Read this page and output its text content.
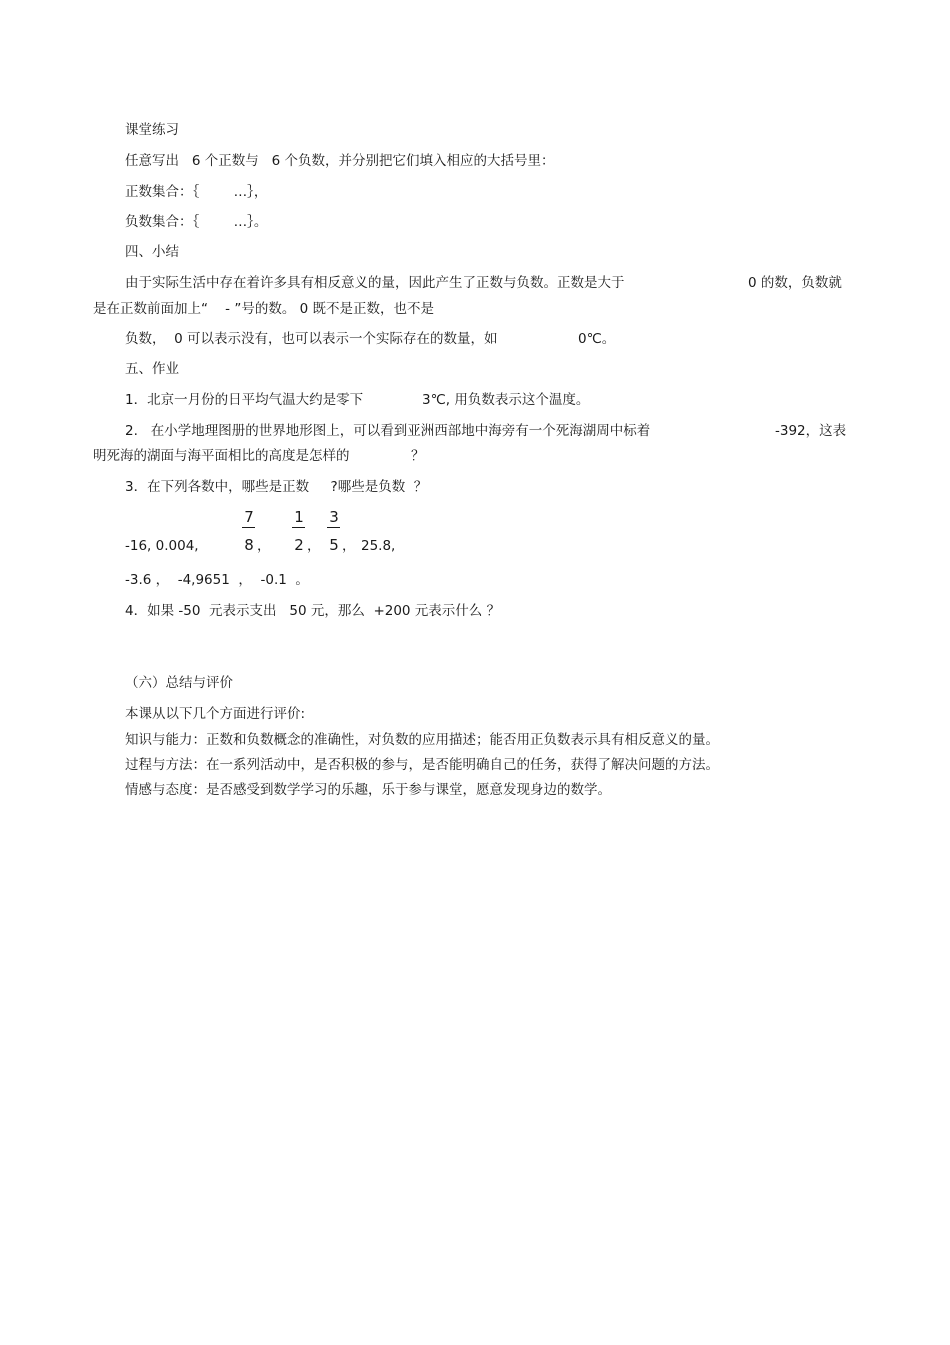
课堂练习
任意写出   6 个正数与   6 个负数，并分别把它们填入相应的大括号里：
正数集合：｛        …｝，
负数集合：｛        …｝。
四、小结
由于实际生活中存在着许多具有相反意义的量，因此产生了正数与负数。正数是大于	0 的数，负数就
是在正数前面加上“    - ”号的数。 0 既不是正数，也不是
负数，  0 可以表示没有，也可以表示一个实际存在的数量，如	0℃。
五、作业
1．北京一月份的日平均气温大约是零下	3℃, 用负数表示这个温度。
2.   在小学地理图册的世界地形图上，可以看到亚洲西部地中海旁有一个死海湖周中标着	-392，这表
明死海的湖面与海平面相比的高度是怎样的	？
3．在下列各数中，哪些是正数     ?哪些是负数  ？
-16, 0.004,
7
8 ，
1
2 ，
3
5 ， 25.8,
-3.6 ，  -4,9651  ，  -0.1  。
4．如果 -50  元表示支出   50 元，那么  +200 元表示什么 ？
（六）总结与评价
本课从以下几个方面进行评价:
知识与能力：正数和负数概念的准确性，对负数的应用描述；能否用正负数表示具有相反意义的量。
过程与方法：在一系列活动中，是否积极的参与，是否能明确自己的任务，获得了解决问题的方法。
情感与态度：是否感受到数学学习的乐趣，乐于参与课堂，愿意发现身边的数学。
